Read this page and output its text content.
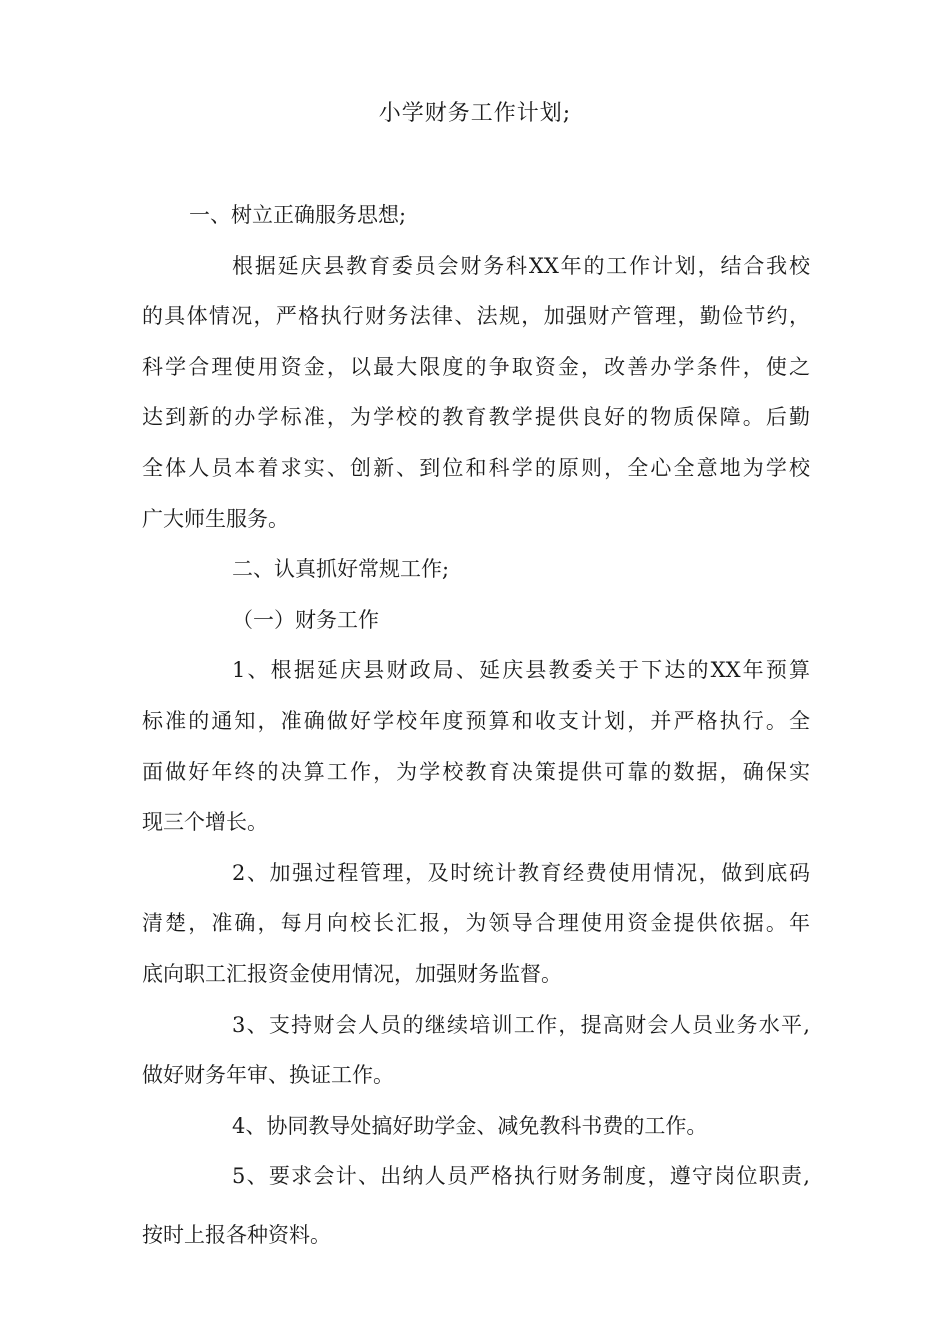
小学财务工作计划;
一、树立正确服务思想;
根据延庆县教育委员会财务科XX年的工作计划，结合我校
的具体情况，严格执行财务法律、法规，加强财产管理，勤俭节约，
科学合理使用资金，以最大限度的争取资金，改善办学条件，使之
达到新的办学标准，为学校的教育教学提供良好的物质保障。后勤
全体人员本着求实、创新、到位和科学的原则，全心全意地为学校
广大师生服务。
二、认真抓好常规工作;
（一）财务工作
1、根据延庆县财政局、延庆县教委关于下达的XX年预算
标准的通知，准确做好学校年度预算和收支计划，并严格执行。全
面做好年终的决算工作，为学校教育决策提供可靠的数据，确保实
现三个增长。
2、加强过程管理，及时统计教育经费使用情况，做到底码
清楚，准确，每月向校长汇报，为领导合理使用资金提供依据。年
底向职工汇报资金使用情况，加强财务监督。
3、支持财会人员的继续培训工作，提高财会人员业务水平,
做好财务年审、换证工作。
4、协同教导处搞好助学金、减免教科书费的工作。
5、要求会计、出纳人员严格执行财务制度，遵守岗位职责,
按时上报各种资料。
